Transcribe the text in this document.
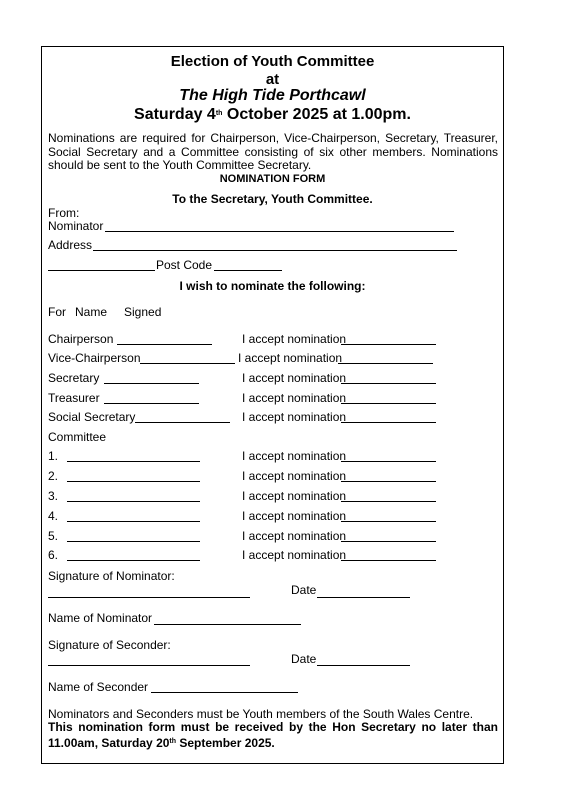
Election of Youth Committee
at
The High Tide Porthcawl
Saturday 4th October 2025 at 1.00pm.
Nominations are required for Chairperson, Vice-Chairperson, Secretary, Treasurer, Social Secretary and a Committee consisting of six other members. Nominations should be sent to the Youth Committee Secretary.
NOMINATION FORM
To the Secretary, Youth Committee.
From:
Nominator
Address
Post Code
I wish to nominate the following:
For Name Signed
Chairperson	I accept nomination
Vice-Chairperson	I accept nomination
Secretary	I accept nomination
Treasurer	I accept nomination
Social Secretary	I accept nomination
Committee
1.	I accept nomination
2.	I accept nomination
3.	I accept nomination
4.	I accept nomination
5.	I accept nomination
6.	I accept nomination
Signature of Nominator:
Date
Name of Nominator
Signature of Seconder:
Date
Name of Seconder
Nominators and Seconders must be Youth members of the South Wales Centre.
This nomination form must be received by the Hon Secretary no later than 11.00am, Saturday 20th September 2025.
